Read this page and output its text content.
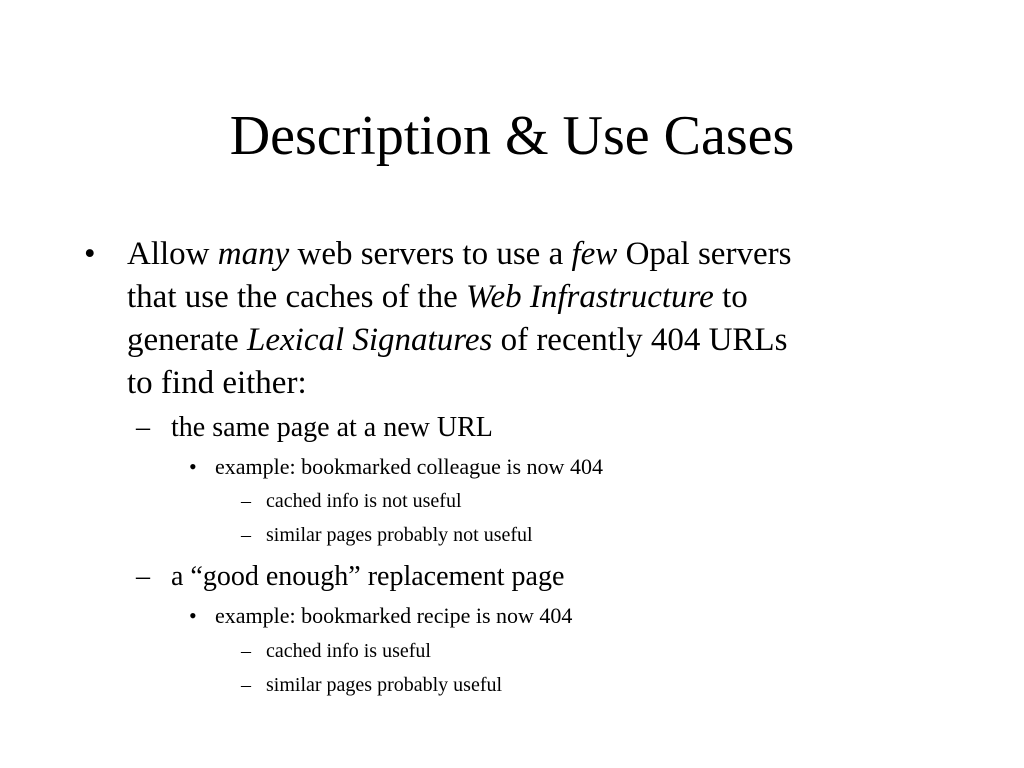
Description & Use Cases
• Allow many web servers to use a few Opal servers
that use the caches of the Web Infrastructure to
generate Lexical Signatures of recently 404 URLs
to find either:
– the same page at a new URL
• example: bookmarked colleague is now 404
– cached info is not useful
– similar pages probably not useful
– a “good enough” replacement page
• example: bookmarked recipe is now 404
– cached info is useful
– similar pages probably useful
